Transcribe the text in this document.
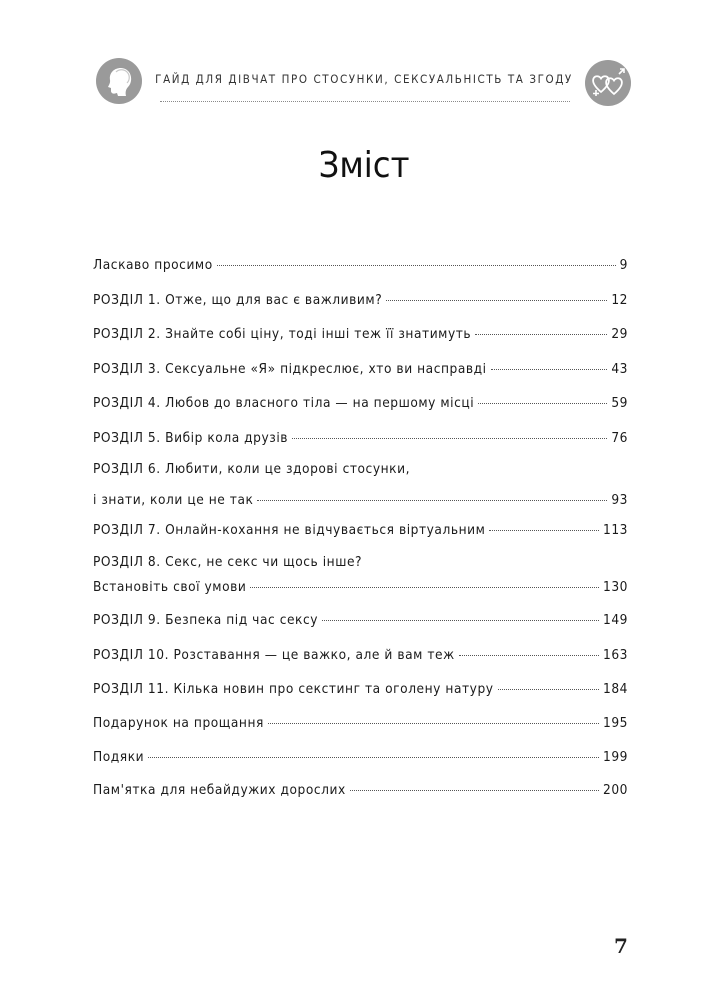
ГАЙД ДЛЯ ДІВЧАТ ПРО СТОСУНКИ, СЕКСУАЛЬНІСТЬ ТА ЗГОДУ
Зміст
Ласкаво просимо	9
РОЗДІЛ 1. Отже, що для вас є важливим?	12
РОЗДІЛ 2. Знайте собі ціну, тоді інші теж її знатимуть	29
РОЗДІЛ 3. Сексуальне «Я» підкреслює, хто ви насправді	43
РОЗДІЛ 4. Любов до власного тіла — на першому місці	59
РОЗДІЛ 5. Вибір кола друзів	76
РОЗДІЛ 6. Любити, коли це здорові стосунки,
і знати, коли це не так	93
РОЗДІЛ 7. Онлайн-кохання не відчувається віртуальним	113
РОЗДІЛ 8. Секс, не секс чи щось інше?
Встановіть свої умови	130
РОЗДІЛ 9. Безпека під час сексу	149
РОЗДІЛ 10. Розставання — це важко, але й вам теж	163
РОЗДІЛ 11. Кілька новин про секстинг та оголену натуру	184
Подарунок на прощання	195
Подяки	199
Пам'ятка для небайдужих дорослих	200
7
